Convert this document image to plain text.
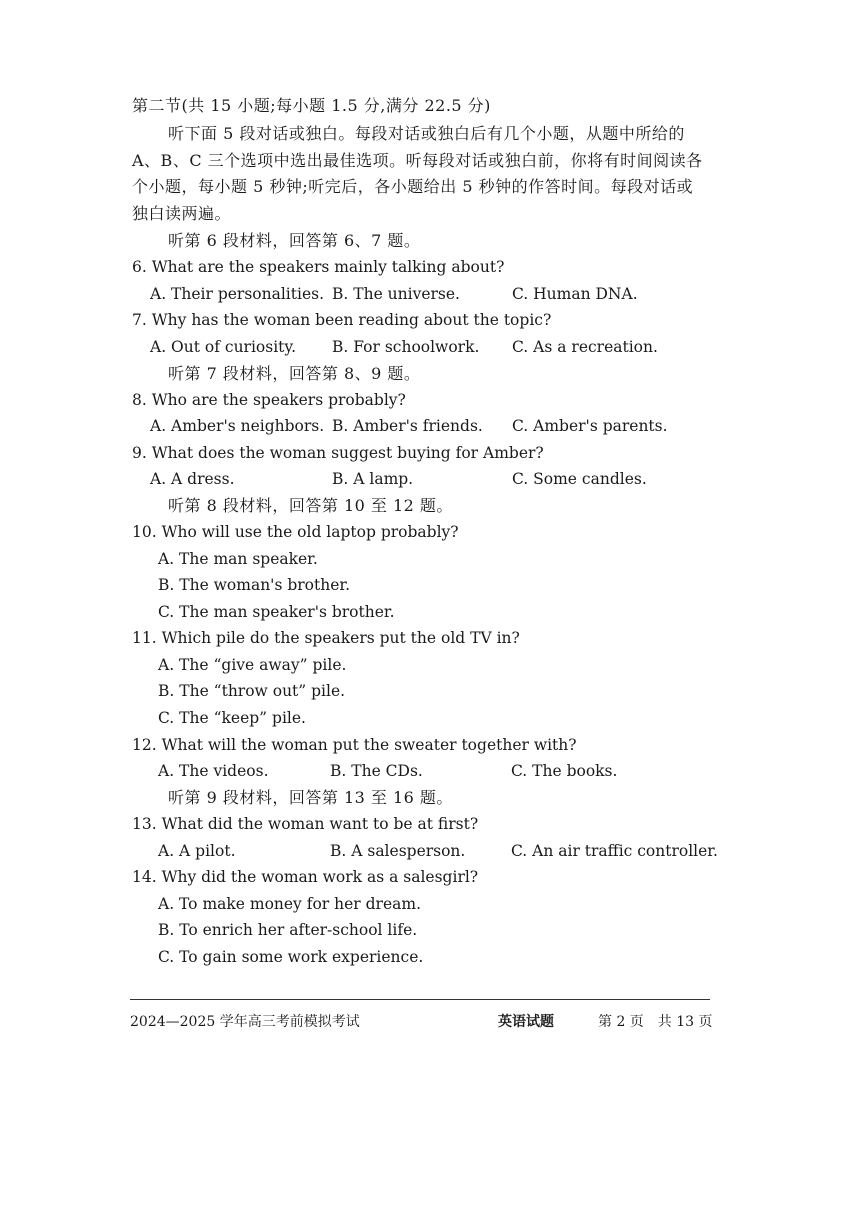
第二节(共 15 小题;每小题 1.5 分,满分 22.5 分)
听下面 5 段对话或独白。每段对话或独白后有几个小题，从题中所给的
A、B、C 三个选项中选出最佳选项。听每段对话或独白前，你将有时间阅读各
个小题，每小题 5 秒钟;听完后，各小题给出 5 秒钟的作答时间。每段对话或
独白读两遍。
听第 6 段材料，回答第 6、7 题。
6. What are the speakers mainly talking about?
A. Their personalities. B. The universe.	C. Human DNA.
7. Why has the woman been reading about the topic?
A. Out of curiosity. B. For schoolwork. C. As a recreation.
听第 7 段材料，回答第 8、9 题。
8. Who are the speakers probably?
A. Amber's neighbors. B. Amber's friends. C. Amber's parents.
9. What does the woman suggest buying for Amber?
A. A dress.	B. A lamp.	C. Some candles.
听第 8 段材料，回答第 10 至 12 题。
10. Who will use the old laptop probably?
A. The man speaker.
B. The woman's brother.
C. The man speaker's brother.
11. Which pile do the speakers put the old TV in?
A. The “give away” pile.
B. The “throw out” pile.
C. The “keep” pile.
12. What will the woman put the sweater together with?
A. The videos.	B. The CDs.	C. The books.
听第 9 段材料，回答第 13 至 16 题。
13. What did the woman want to be at first?
A. A pilot.	B. A salesperson.	C. An air traffic controller.
14. Why did the woman work as a salesgirl?
A. To make money for her dream.
B. To enrich her after-school life.
C. To gain some work experience.
2024—2025 学年高三考前模拟考试	英语试题	第 2 页　共 13 页
